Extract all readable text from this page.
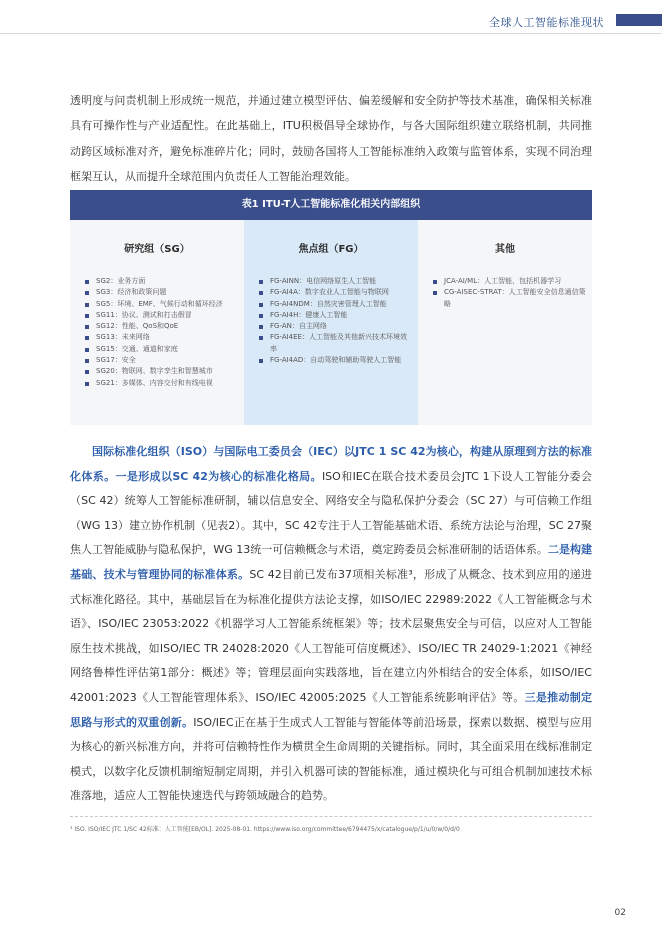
全球人工智能标准现状

透明度与问责机制上形成统一规范，并通过建立模型评估、偏差缓解和安全防护等技术基准，确保相关标准具有可操作性与产业适配性。在此基础上，ITU积极倡导全球协作，与各大国际组织建立联络机制，共同推动跨区域标准对齐，避免标准碎片化；同时，鼓励各国将人工智能标准纳入政策与监管体系，实现不同治理框架互认，从而提升全球范围内负责任人工智能治理效能。

表1 ITU-T人工智能标准化相关内部组织
研究组（SG）
SG2：业务方面
SG3：经济和政策问题
SG5：环境、EMF、气候行动和循环经济
SG11：协议、测试和打击假冒
SG12：性能、QoS和QoE
SG13：未来网络
SG15：交通、通道和家庭
SG17：安全
SG20：物联网、数字孪生和智慧城市
SG21：多媒体、内容交付和有线电视
焦点组（FG）
FG-AINN：电信网络原生人工智能
FG-AI4A：数字农业人工智能与物联网
FG-AI4NDM：自然灾害管理人工智能
FG-AI4H：健康人工智能
FG-AN：自主网络
FG-AI4EE：人工智能及其他新兴技术环境效率
FG-AI4AD：自动驾驶和辅助驾驶人工智能
其他
JCA-AI/ML：人工智能，包括机器学习
CG-AISEC-STRAT：人工智能安全信息通信策略

国际标准化组织（ISO）与国际电工委员会（IEC）以JTC 1 SC 42为核心，构建从原理到方法的标准化体系。一是形成以SC 42为核心的标准化格局。ISO和IEC在联合技术委员会JTC 1下设人工智能分委会（SC 42）统筹人工智能标准研制，辅以信息安全、网络安全与隐私保护分委会（SC 27）与可信赖工作组（WG 13）建立协作机制（见表2）。其中，SC 42专注于人工智能基础术语、系统方法论与治理，SC 27聚焦人工智能威胁与隐私保护，WG 13统一可信赖概念与术语，奠定跨委员会标准研制的话语体系。二是构建基础、技术与管理协同的标准体系。SC 42目前已发布37项相关标准³，形成了从概念、技术到应用的递进式标准化路径。其中，基础层旨在为标准化提供方法论支撑，如ISO/IEC 22989:2022《人工智能概念与术语》、ISO/IEC 23053:2022《机器学习人工智能系统框架》等；技术层聚焦安全与可信，以应对人工智能原生技术挑战，如ISO/IEC TR 24028:2020《人工智能可信度概述》、ISO/IEC TR 24029-1:2021《神经网络鲁棒性评估第1部分：概述》等；管理层面向实践落地，旨在建立内外相结合的安全体系，如ISO/IEC 42001:2023《人工智能管理体系》、ISO/IEC 42005:2025《人工智能系统影响评估》等。三是推动制定思路与形式的双重创新。ISO/IEC正在基于生成式人工智能与智能体等前沿场景，探索以数据、模型与应用为核心的新兴标准方向，并将可信赖特性作为横贯全生命周期的关键指标。同时，其全面采用在线标准制定模式，以数字化反馈机制缩短制定周期，并引入机器可读的智能标准，通过模块化与可组合机制加速技术标准落地，适应人工智能快速迭代与跨领域融合的趋势。

³ ISO. ISO/IEC JTC 1/SC 42标准：人工智能[EB/OL]. 2025-08-01. https://www.iso.org/committee/6794475/x/catalogue/p/1/u/0/w/0/d/0
02
